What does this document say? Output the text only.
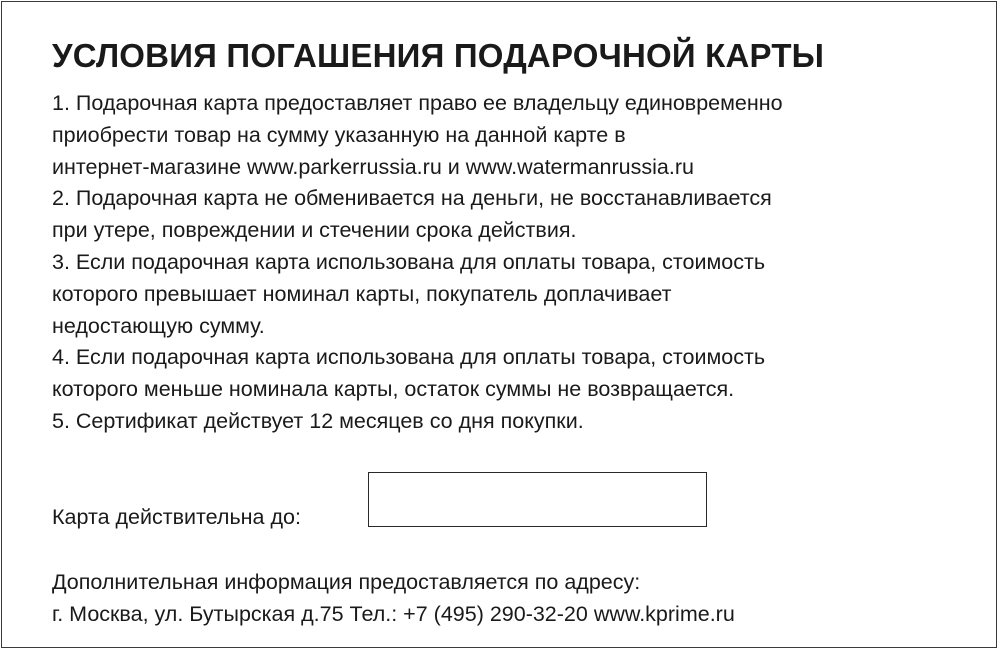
УСЛОВИЯ ПОГАШЕНИЯ ПОДАРОЧНОЙ КАРТЫ
1. Подарочная карта предоставляет право ее владельцу единовременно
приобрести товар на сумму указанную на данной карте в
интернет-магазине www.parkerrussia.ru и www.watermanrussia.ru
2. Подарочная карта не обменивается на деньги, не восстанавливается
при утере, повреждении и стечении срока действия.
3. Если подарочная карта использована для оплаты товара, стоимость
которого превышает номинал карты, покупатель доплачивает
недостающую сумму.
4. Если подарочная карта использована для оплаты товара, стоимость
которого меньше номинала карты, остаток суммы не возвращается.
5. Сертификат действует 12 месяцев со дня покупки.
Карта действительна до:
Дополнительная информация предоставляется по адресу:
г. Москва, ул. Бутырская д.75 Тел.: +7 (495) 290-32-20 www.kprime.ru
